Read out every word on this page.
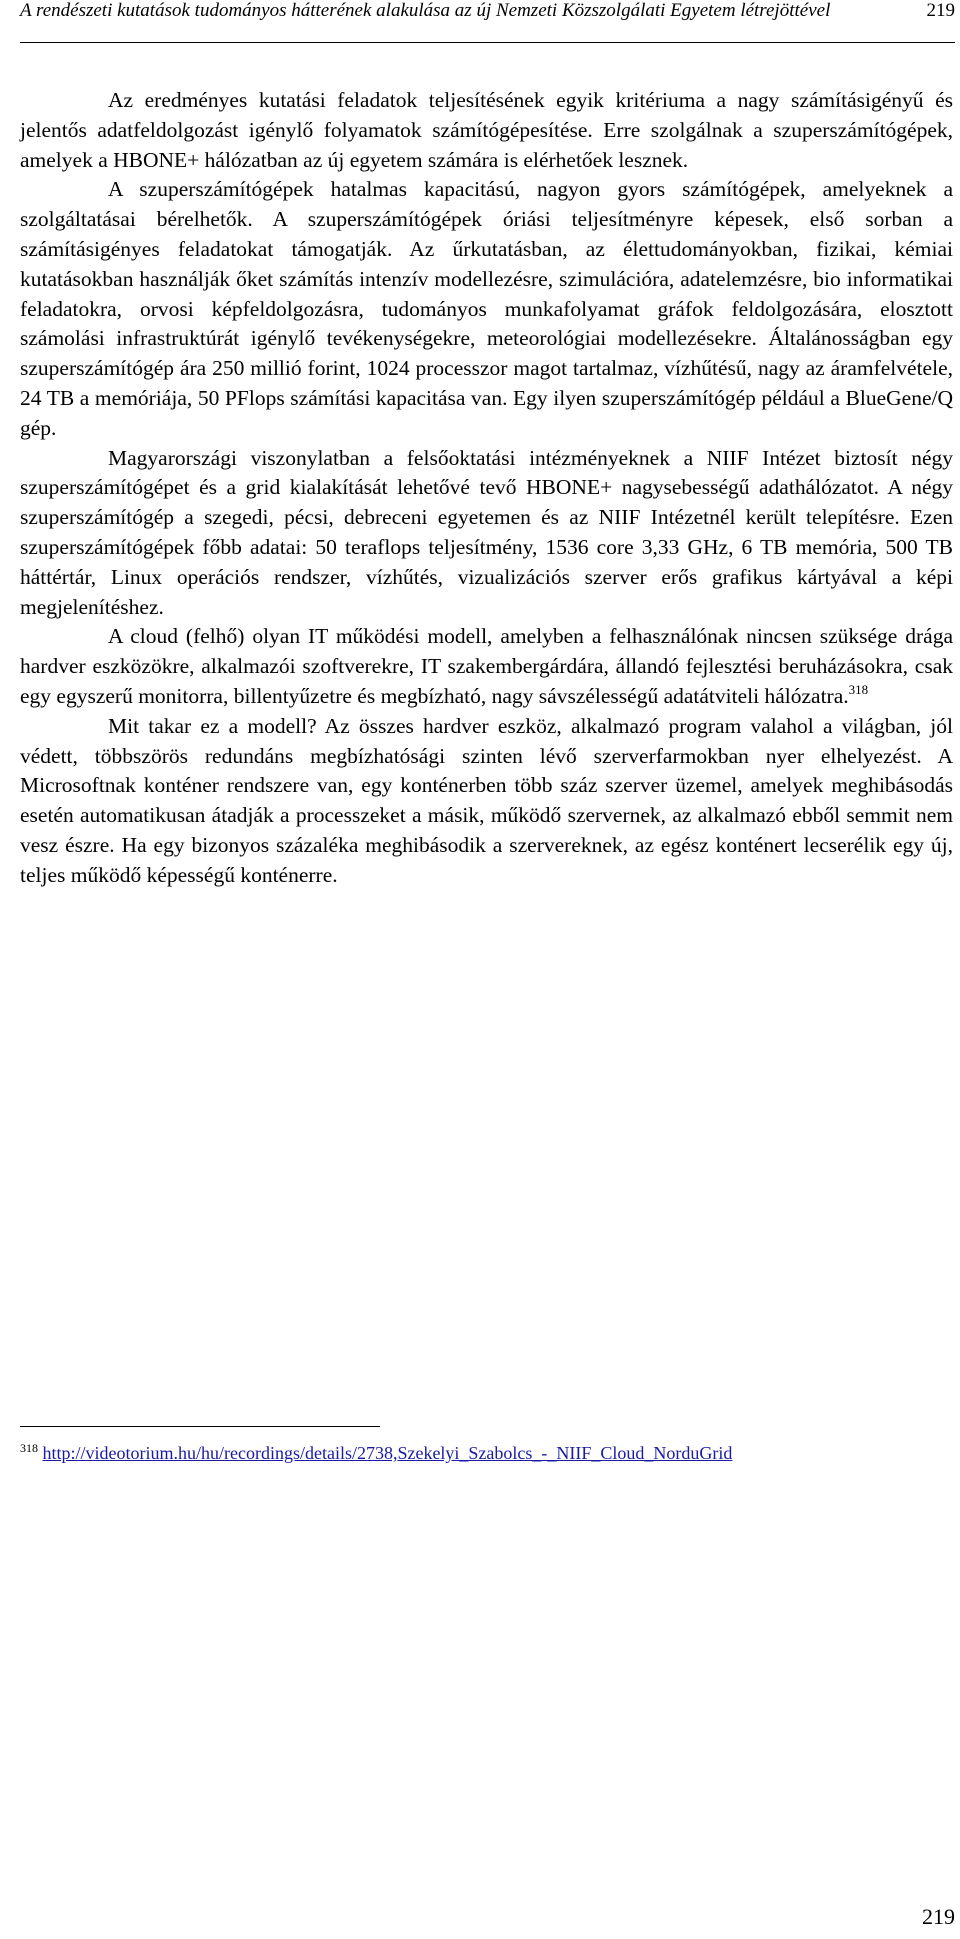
A rendészeti kutatások tudományos hátterének alakulása az új Nemzeti Közszolgálati Egyetem létrejöttével	219

Az eredményes kutatási feladatok teljesítésének egyik kritériuma a nagy számításigényű és jelentős adatfeldolgozást igénylő folyamatok számítógépesítése. Erre szolgálnak a szuperszámítógépek, amelyek a HBONE+ hálózatban az új egyetem számára is elérhetőek lesznek.

A szuperszámítógépek hatalmas kapacitású, nagyon gyors számítógépek, amelyeknek a szolgáltatásai bérelhetők. A szuperszámítógépek óriási teljesítményre képesek, első sorban a számításigényes feladatokat támogatják. Az űrkutatásban, az élettudományokban, fizikai, kémiai kutatásokban használják őket számítás intenzív modellezésre, szimulációra, adatelemzésre, bio informatikai feladatokra, orvosi képfeldolgozásra, tudományos munkafolyamat gráfok feldolgozására, elosztott számolási infrastruktúrát igénylő tevékenységekre, meteorológiai modellezésekre. Általánosságban egy szuperszámítógép ára 250 millió forint, 1024 processzor magot tartalmaz, vízhűtésű, nagy az áramfelvétele, 24 TB a memóriája, 50 PFlops számítási kapacitása van. Egy ilyen szuperszámítógép például a BlueGene/Q gép.

Magyarországi viszonylatban a felsőoktatási intézményeknek a NIIF Intézet biztosít négy szuperszámítógépet és a grid kialakítását lehetővé tevő HBONE+ nagysebességű adathálózatot. A négy szuperszámítógép a szegedi, pécsi, debreceni egyetemen és az NIIF Intézetnél került telepítésre. Ezen szuperszámítógépek főbb adatai: 50 teraflops teljesítmény, 1536 core 3,33 GHz, 6 TB memória, 500 TB háttértár, Linux operációs rendszer, vízhűtés, vizualizációs szerver erős grafikus kártyával a képi megjelenítéshez.

A cloud (felhő) olyan IT működési modell, amelyben a felhasználónak nincsen szüksége drága hardver eszközökre, alkalmazói szoftverekre, IT szakembergárdára, állandó fejlesztési beruházásokra, csak egy egyszerű monitorra, billentyűzetre és megbízható, nagy sávszélességű adatátviteli hálózatra.$^{318}$

Mit takar ez a modell? Az összes hardver eszköz, alkalmazó program valahol a világban, jól védett, többszörös redundáns megbízhatósági szinten lévő szerverfarmokban nyer elhelyezést. A Microsoftnak konténer rendszere van, egy konténerben több száz szerver üzemel, amelyek meghibásodás esetén automatikusan átadják a processzeket a másik, működő szervernek, az alkalmazó ebből semmit nem vesz észre. Ha egy bizonyos százaléka meghibásodik a szervereknek, az egész konténert lecserélik egy új, teljes működő képességű konténerre.

$^{318}$ http://videotorium.hu/hu/recordings/details/2738,Szekelyi_Szabolcs_-_NIIF_Cloud_NorduGrid
219
